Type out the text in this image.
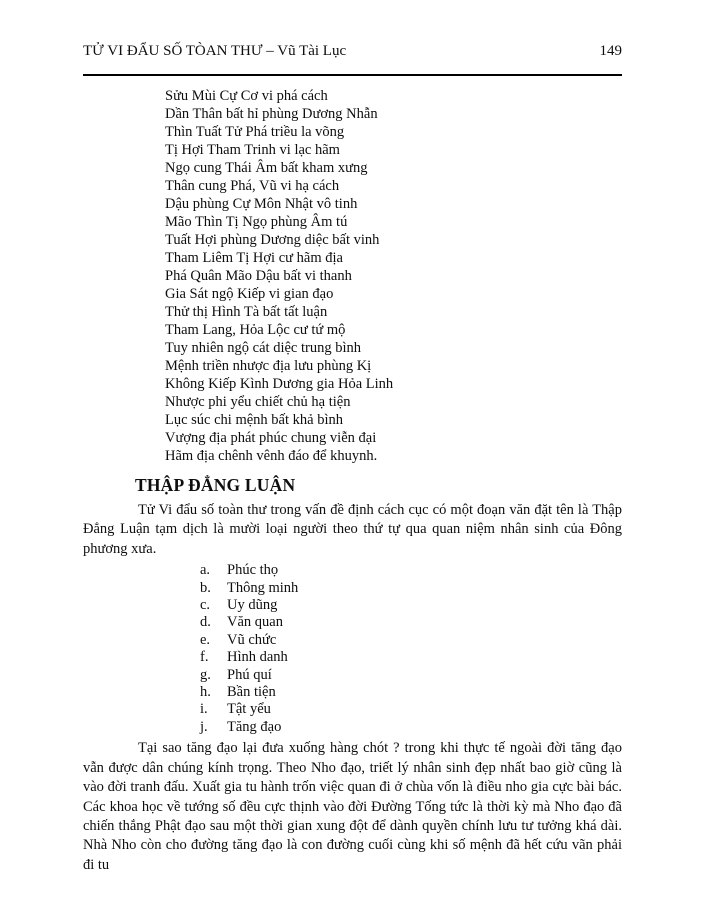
TỬ VI ĐẨU SỐ TÒAN THƯ – Vũ Tài Lục	149
Sửu Mùi Cự Cơ vi phá cách
Dần Thân bất hỉ phùng Dương Nhẫn
Thìn Tuất Tử Phá triều la võng
Tị Hợi Tham Trinh vi lạc hãm
Ngọ cung Thái Âm bất kham xưng
Thân cung Phá, Vũ vi hạ cách
Dậu phùng Cự Môn Nhật vô tinh
Mão Thìn Tị Ngọ phùng Âm tú
Tuất Hợi phùng Dương diệc bất vinh
Tham Liêm Tị Hợi cư hãm địa
Phá Quân Mão Dậu bất vi thanh
Gia Sát ngộ Kiếp vi gian đạo
Thử thị Hình Tà bất tất luận
Tham Lang, Hỏa Lộc cư tứ mộ
Tuy nhiên ngộ cát diệc trung bình
Mệnh triền nhược địa lưu phùng Kị
Không Kiếp Kình Dương gia Hỏa Linh
Nhược phi yểu chiết chủ hạ tiện
Lục súc chi mệnh bất khả bình
Vượng địa phát phúc chung viễn đại
Hãm địa chênh vênh đáo để khuynh.
THẬP ĐẲNG LUẬN

Tử Vi đẩu số toàn thư trong vấn đề định cách cục có một đoạn văn đặt tên là Thập Đẳng Luận tạm dịch là mười loại người theo thứ tự qua quan niệm nhân sinh của Đông phương xưa.

a. Phúc thọ
b. Thông minh
c. Uy dũng
d. Văn quan
e. Vũ chức
f. Hình danh
g. Phú quí
h. Bần tiện
i. Tật yểu
j. Tăng đạo

Tại sao tăng đạo lại đưa xuống hàng chót ? trong khi thực tế ngoài đời tăng đạo vẫn được dân chúng kính trọng. Theo Nho đạo, triết lý nhân sinh đẹp nhất bao giờ cũng là vào đời tranh đấu. Xuất gia tu hành trốn việc quan đi ở chùa vốn là điều nho gia cực bài bác. Các khoa học về tướng số đều cực thịnh vào đời Đường Tống tức là thời kỳ mà Nho đạo đã chiến thắng Phật đạo sau một thời gian xung đột để dành quyền chính lưu tư tưởng khá dài. Nhà Nho còn cho đường tăng đạo là con đường cuối cùng khi số mệnh đã hết cứu vãn phải đi tu
